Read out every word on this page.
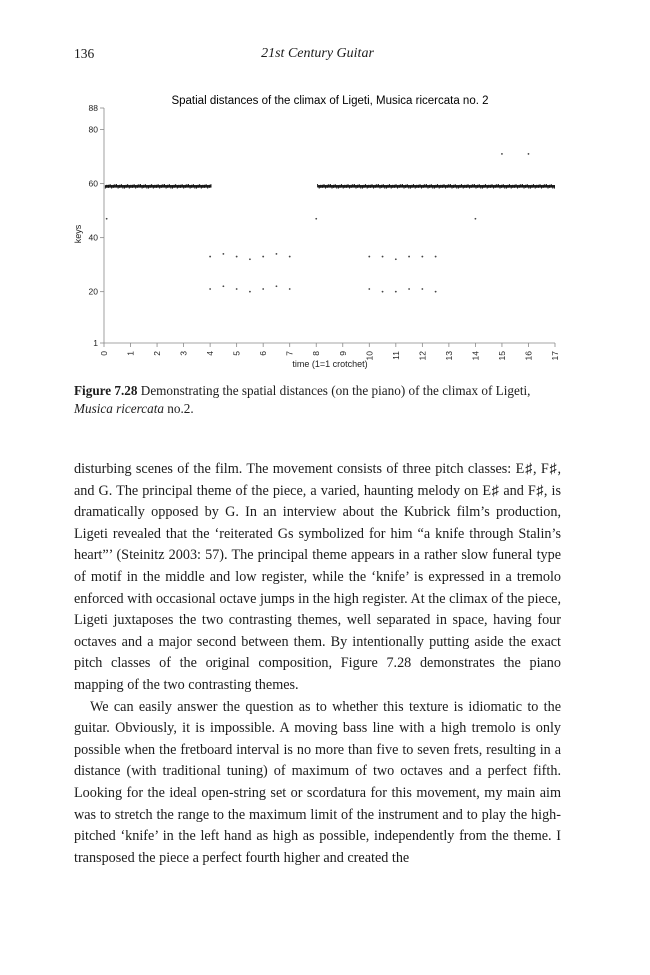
136	21st Century Guitar
Spatial distances of the climax of Ligeti, Musica ricercata no. 2
keys
time (1=1 crotchet)
1
20
40
60
80
88
0 1 2 3 4 5 6 7 8 9 10 11 12 13 14 15 16 17
Figure 7.28 Demonstrating the spatial distances (on the piano) of the climax of Ligeti, Musica ricercata no.2.

disturbing scenes of the film. The movement consists of three pitch classes: E♯, F♯, and G. The principal theme of the piece, a varied, haunting melody on E♯ and F♯, is dramatically opposed by G. In an interview about the Kubrick film’s production, Ligeti revealed that the ‘reiterated Gs symbolized for him “a knife through Stalin’s heart”’ (Steinitz 2003: 57). The principal theme appears in a rather slow funeral type of motif in the middle and low register, while the ‘knife’ is expressed in a tremolo enforced with occasional octave jumps in the high register. At the climax of the piece, Ligeti juxtaposes the two contrasting themes, well separated in space, having four octaves and a major second between them. By intentionally putting aside the exact pitch classes of the original composition, Figure 7.28 demonstrates the piano mapping of the two contrasting themes.

We can easily answer the question as to whether this texture is idiomatic to the guitar. Obviously, it is impossible. A moving bass line with a high tremolo is only possible when the fretboard interval is no more than five to seven frets, resulting in a distance (with traditional tuning) of maximum of two octaves and a perfect fifth. Looking for the ideal open-string set or scordatura for this movement, my main aim was to stretch the range to the maximum limit of the instrument and to play the high-pitched ‘knife’ in the left hand as high as possible, independently from the theme. I transposed the piece a perfect fourth higher and created the
